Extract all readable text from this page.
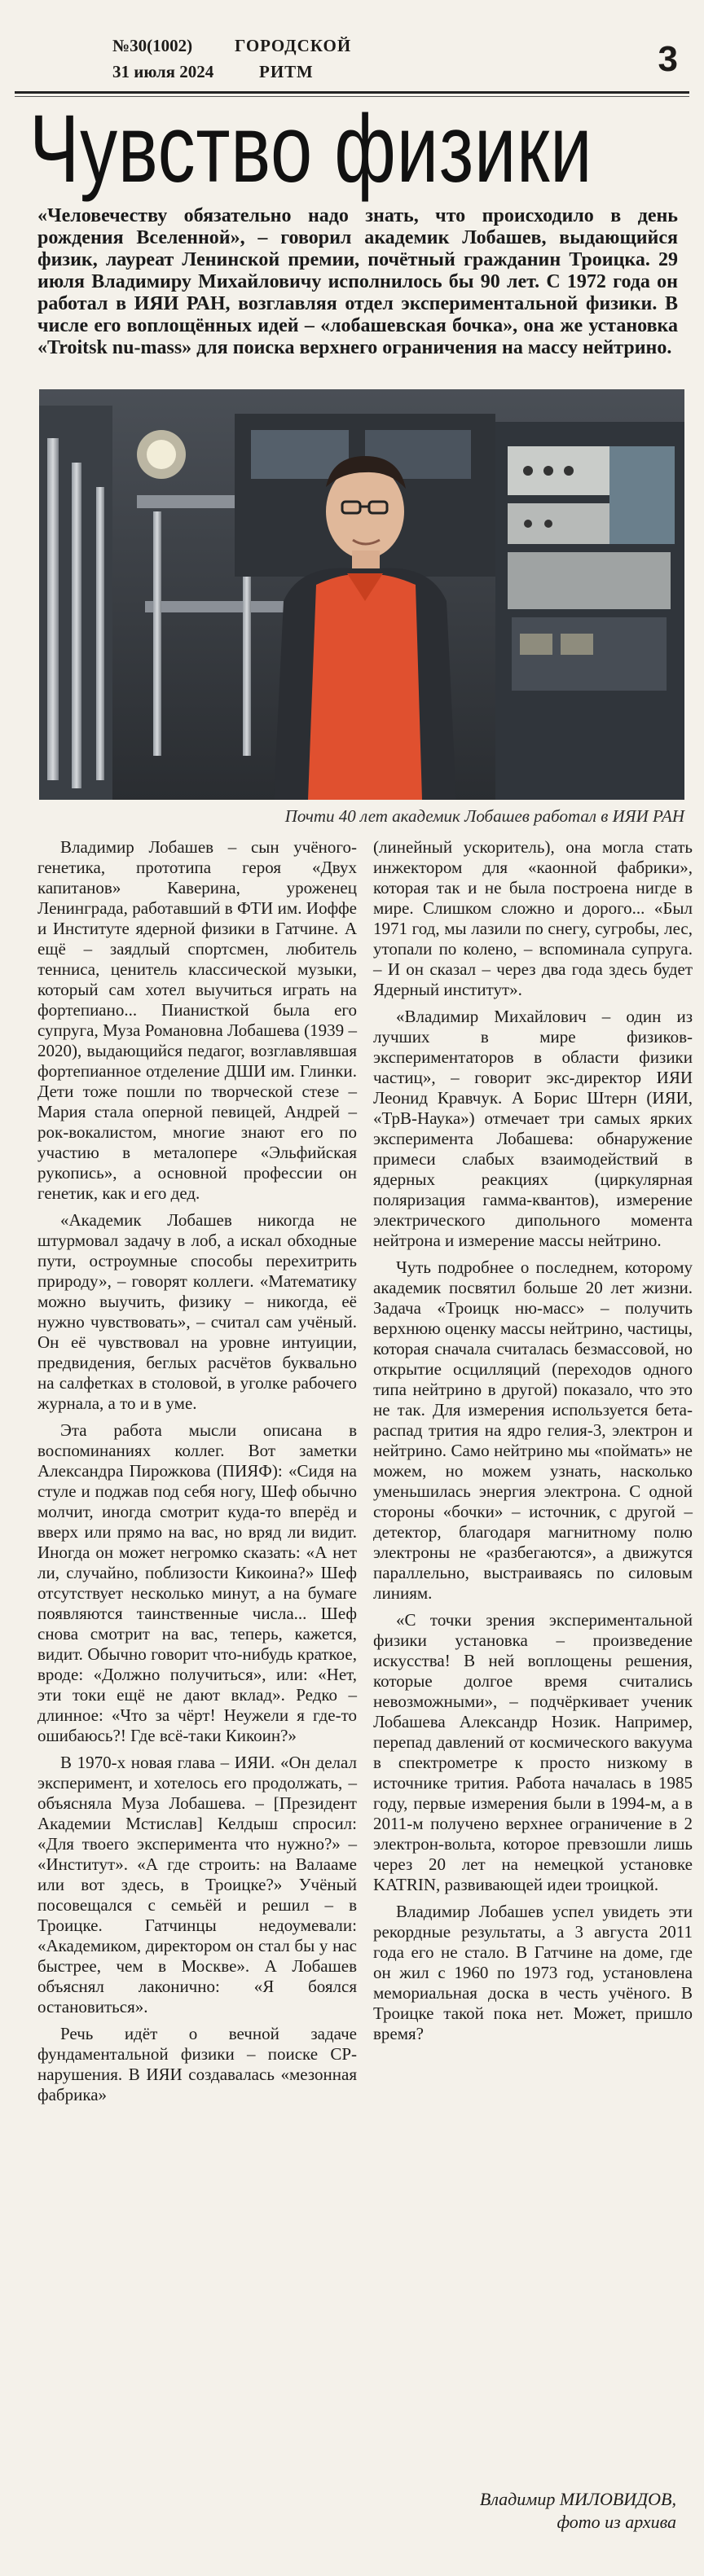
№30(1002)
31 июля 2024
ГОРОДСКОЙ
РИТМ	3
Чувство физики

«Человечеству обязательно надо знать, что происходило в день рождения Вселенной», – говорил академик Лобашев, выдающийся физик, лауреат Ленинской премии, почётный гражданин Троицка. 29 июля Владимиру Михайловичу исполнилось бы 90 лет. С 1972 года он работал в ИЯИ РАН, возглавляя отдел экспериментальной физики. В числе его воплощённых идей – «лобашевская бочка», она же установка «Troitsk nu-mass» для поиска верхнего ограничения на массу нейтрино.

Почти 40 лет академик Лобашев работал в ИЯИ РАН

Владимир Лобашев – сын учёного-генетика, прототипа героя «Двух капитанов» Каверина, уроженец Ленинграда, работавший в ФТИ им. Иоффе и Институте ядерной физики в Гатчине. А ещё – заядлый спортсмен, любитель тенниса, ценитель классической музыки, который сам хотел выучиться играть на фортепиано... Пианисткой была его супруга, Муза Романовна Лобашева (1939 – 2020), выдающийся педагог, возглавлявшая фортепианное отделение ДШИ им. Глинки. Дети тоже пошли по творческой стезе – Мария стала оперной певицей, Андрей – рок-вокалистом, многие знают его по участию в металопере «Эльфийская рукопись», а основной профессии он генетик, как и его дед.

«Академик Лобашев никогда не штурмовал задачу в лоб, а искал обходные пути, остроумные способы перехитрить природу», – говорят коллеги. «Математику можно выучить, физику – никогда, её нужно чувствовать», – считал сам учёный. Он её чувствовал на уровне интуиции, предвидения, беглых расчётов буквально на салфетках в столовой, в уголке рабочего журнала, а то и в уме.

Эта работа мысли описана в воспоминаниях коллег. Вот заметки Александра Пирожкова (ПИЯФ): «Сидя на стуле и поджав под себя ногу, Шеф обычно молчит, иногда смотрит куда-то вперёд и вверх или прямо на вас, но вряд ли видит. Иногда он может негромко сказать: «А нет ли, случайно, поблизости Кикоина?» Шеф отсутствует несколько минут, а на бумаге появляются таинственные числа... Шеф снова смотрит на вас, теперь, кажется, видит. Обычно говорит что-нибудь краткое, вроде: «Должно получиться», или: «Нет, эти токи ещё не дают вклад». Редко – длинное: «Что за чёрт! Неужели я где-то ошибаюсь?! Где всё-таки Кикоин?»

В 1970-х новая глава – ИЯИ. «Он делал эксперимент, и хотелось его продолжать, – объясняла Муза Лобашева. – [Президент Академии Мстислав] Келдыш спросил: «Для твоего эксперимента что нужно?» – «Институт». «А где строить: на Валааме или вот здесь, в Троицке?» Учёный посовещался с семьёй и решил – в Троицке. Гатчинцы недоумевали: «Академиком, директором он стал бы у нас быстрее, чем в Москве». А Лобашев объяснял лаконично: «Я боялся остановиться».

Речь идёт о вечной задаче фундаментальной физики – поиске CP-нарушения. В ИЯИ создавалась «мезонная фабрика»

(линейный ускоритель), она могла стать инжектором для «каонной фабрики», которая так и не была построена нигде в мире. Слишком сложно и дорого... «Был 1971 год, мы лазили по снегу, сугробы, лес, утопали по колено, – вспоминала супруга. – И он сказал – через два года здесь будет Ядерный институт».

«Владимир Михайлович – один из лучших в мире физиков-экспериментаторов в области физики частиц», – говорит экс-директор ИЯИ Леонид Кравчук. А Борис Штерн (ИЯИ, «ТрВ-Наука») отмечает три самых ярких эксперимента Лобашева: обнаружение примеси слабых взаимодействий в ядерных реакциях (циркулярная поляризация гамма-квантов), измерение электрического дипольного момента нейтрона и измерение массы нейтрино.

Чуть подробнее о последнем, которому академик посвятил больше 20 лет жизни. Задача «Троицк ню-масс» – получить верхнюю оценку массы нейтрино, частицы, которая сначала считалась безмассовой, но открытие осцилляций (переходов одного типа нейтрино в другой) показало, что это не так. Для измерения используется бета-распад трития на ядро гелия-3, электрон и нейтрино. Само нейтрино мы «поймать» не можем, но можем узнать, насколько уменьшилась энергия электрона. С одной стороны «бочки» – источник, с другой – детектор, благодаря магнитному полю электроны не «разбегаются», а движутся параллельно, выстраиваясь по силовым линиям.

«С точки зрения экспериментальной физики установка – произведение искусства! В ней воплощены решения, которые долгое время считались невозможными», – подчёркивает ученик Лобашева Александр Нозик. Например, перепад давлений от космического вакуума в спектрометре к просто низкому в источнике трития. Работа началась в 1985 году, первые измерения были в 1994-м, а в 2011-м получено верхнее ограничение в 2 электрон-вольта, которое превзошли лишь через 20 лет на немецкой установке KATRIN, развивающей идеи троицкой.

Владимир Лобашев успел увидеть эти рекордные результаты, а 3 августа 2011 года его не стало. В Гатчине на доме, где он жил с 1960 по 1973 год, установлена мемориальная доска в честь учёного. В Троицке такой пока нет. Может, пришло время?

Владимир МИЛОВИДОВ,
фото из архива
